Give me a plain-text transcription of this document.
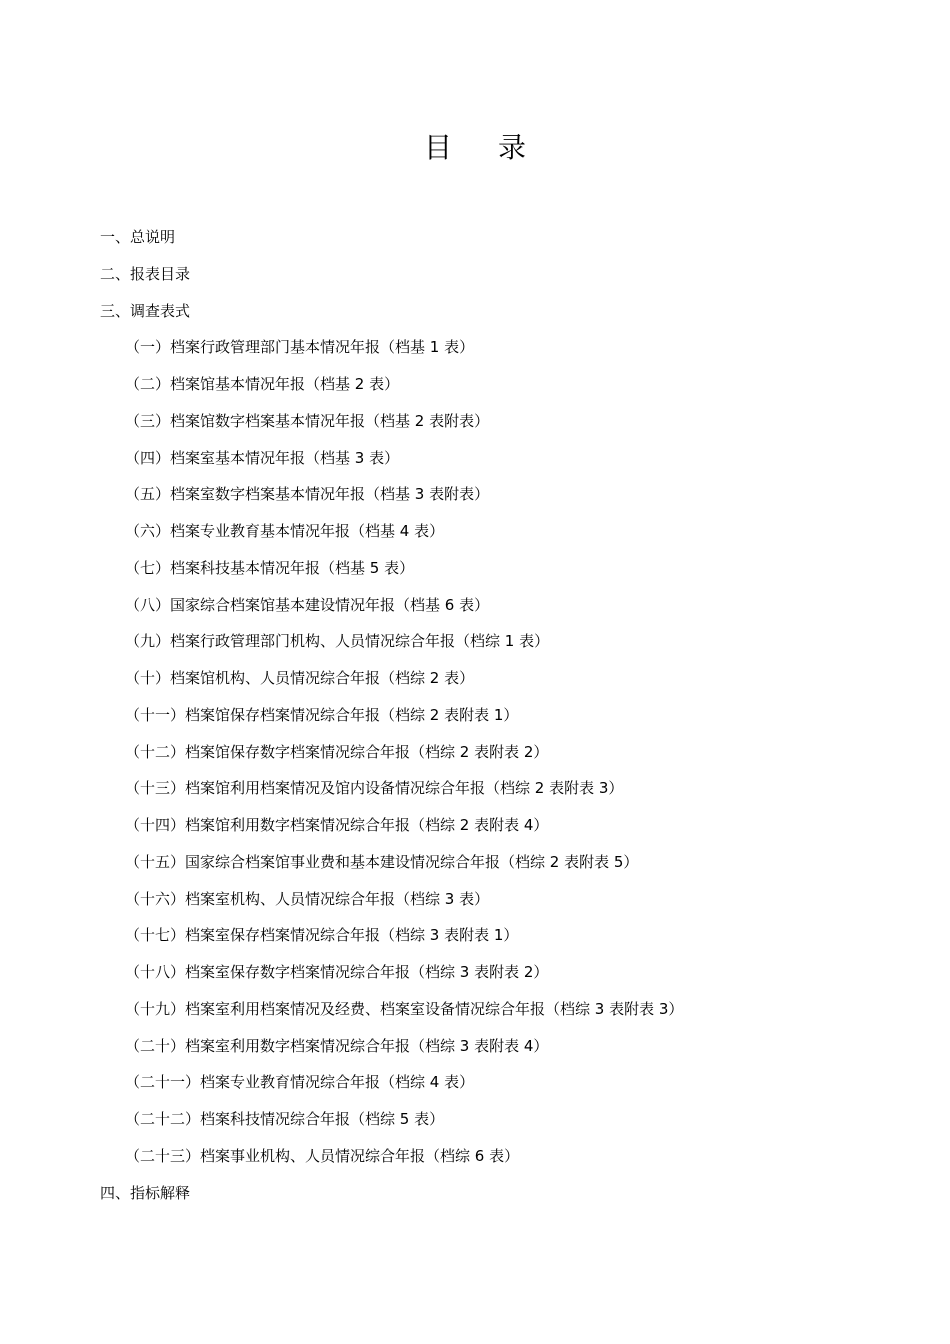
目 录
一、总说明
二、报表目录
三、调查表式
（一）档案行政管理部门基本情况年报（档基 1 表）
（二）档案馆基本情况年报（档基 2 表）
（三）档案馆数字档案基本情况年报（档基 2 表附表）
（四）档案室基本情况年报（档基 3 表）
（五）档案室数字档案基本情况年报（档基 3 表附表）
（六）档案专业教育基本情况年报（档基 4 表）
（七）档案科技基本情况年报（档基 5 表）
（八）国家综合档案馆基本建设情况年报（档基 6 表）
（九）档案行政管理部门机构、人员情况综合年报（档综 1 表）
（十）档案馆机构、人员情况综合年报（档综 2 表）
（十一）档案馆保存档案情况综合年报（档综 2 表附表 1）
（十二）档案馆保存数字档案情况综合年报（档综 2 表附表 2）
（十三）档案馆利用档案情况及馆内设备情况综合年报（档综 2 表附表 3）
（十四）档案馆利用数字档案情况综合年报（档综 2 表附表 4）
（十五）国家综合档案馆事业费和基本建设情况综合年报（档综 2 表附表 5）
（十六）档案室机构、人员情况综合年报（档综 3 表）
（十七）档案室保存档案情况综合年报（档综 3 表附表 1）
（十八）档案室保存数字档案情况综合年报（档综 3 表附表 2）
（十九）档案室利用档案情况及经费、档案室设备情况综合年报（档综 3 表附表 3）
（二十）档案室利用数字档案情况综合年报（档综 3 表附表 4）
（二十一）档案专业教育情况综合年报（档综 4 表）
（二十二）档案科技情况综合年报（档综 5 表）
（二十三）档案事业机构、人员情况综合年报（档综 6 表）
四、指标解释
